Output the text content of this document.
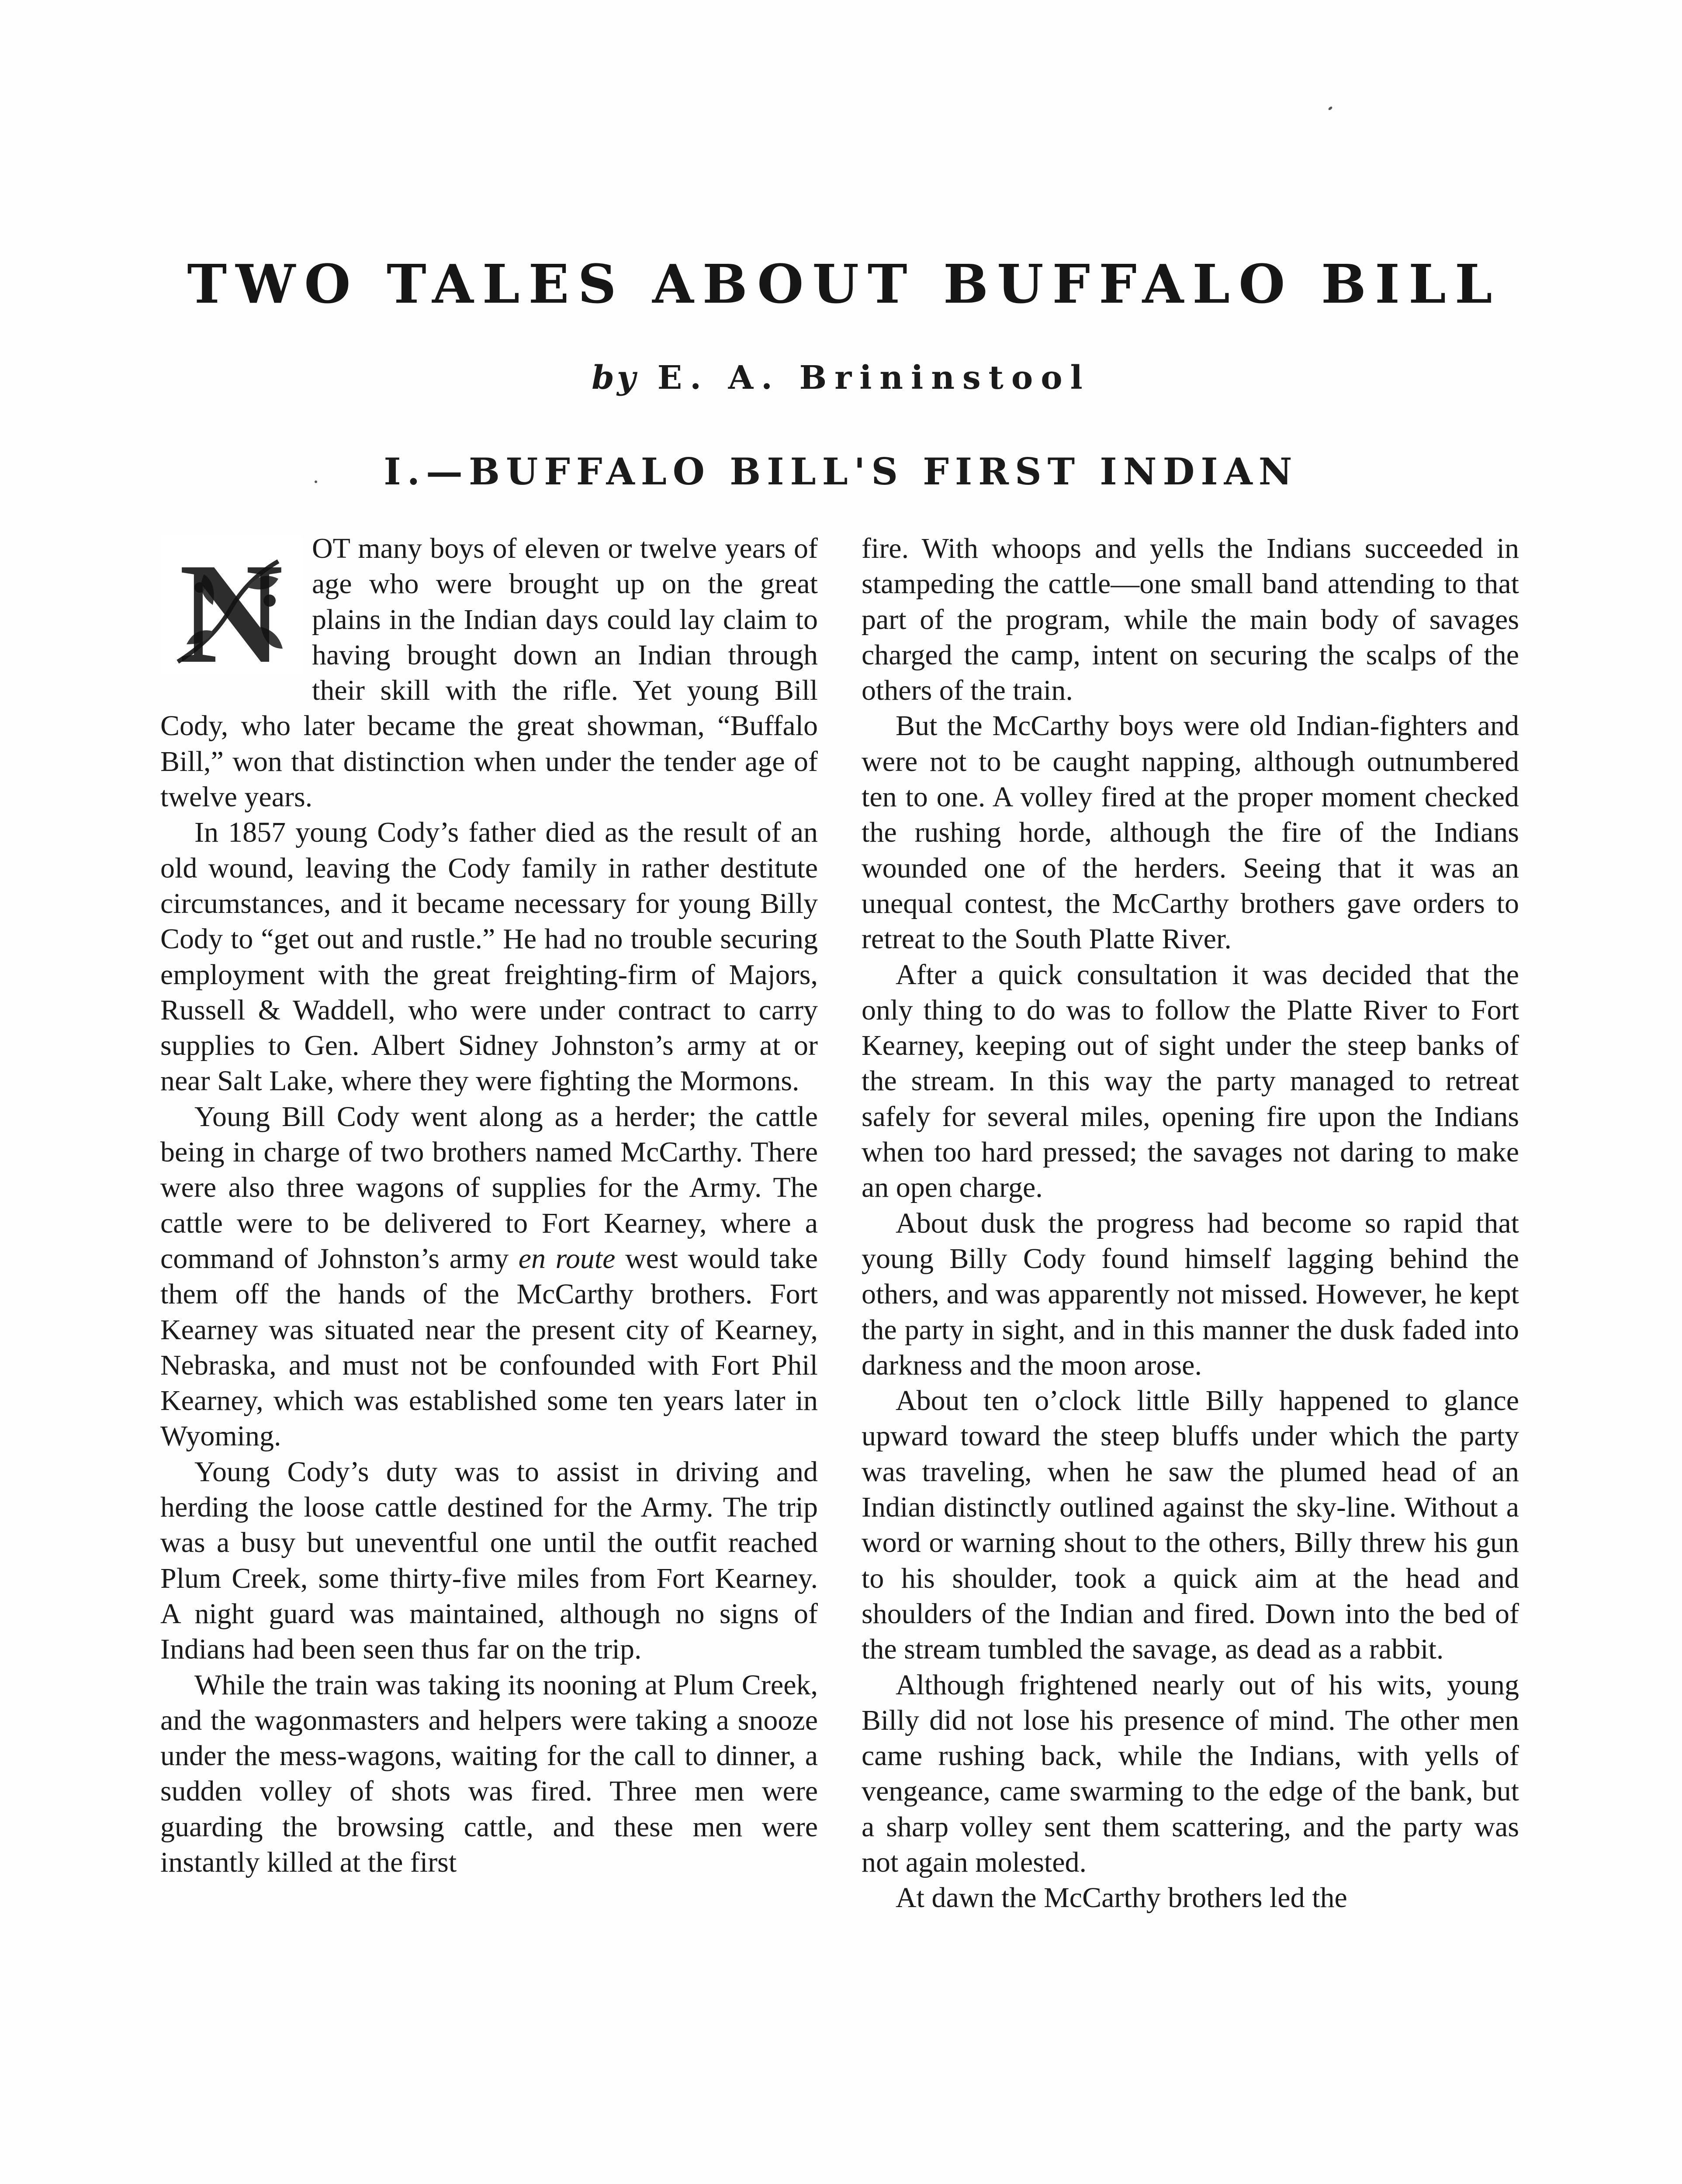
TWO TALES ABOUT BUFFALO BILL
by E. A. Brininstool
I.—BUFFALO BILL'S FIRST INDIAN

N OT many boys of eleven or twelve years of age who were brought up on the great plains in the Indian days could lay claim to having brought down an Indian through their skill with the rifle. Yet young Bill Cody, who later became the great showman, “Buffalo Bill,” won that distinction when under the tender age of twelve years.

In 1857 young Cody’s father died as the result of an old wound, leaving the Cody family in rather destitute circumstances, and it became necessary for young Billy Cody to “get out and rustle.” He had no trouble securing employment with the great freighting-firm of Majors, Russell & Waddell, who were under contract to carry supplies to Gen. Albert Sidney Johnston’s army at or near Salt Lake, where they were fighting the Mormons.

Young Bill Cody went along as a herder; the cattle being in charge of two brothers named McCarthy. There were also three wagons of supplies for the Army. The cattle were to be delivered to Fort Kearney, where a command of Johnston’s army en route west would take them off the hands of the McCarthy brothers. Fort Kearney was situated near the present city of Kearney, Nebraska, and must not be confounded with Fort Phil Kearney, which was established some ten years later in Wyoming.

Young Cody’s duty was to assist in driving and herding the loose cattle destined for the Army. The trip was a busy but uneventful one until the outfit reached Plum Creek, some thirty-five miles from Fort Kearney. A night guard was maintained, although no signs of Indians had been seen thus far on the trip.

While the train was taking its nooning at Plum Creek, and the wagonmasters and helpers were taking a snooze under the mess-wagons, waiting for the call to dinner, a sudden volley of shots was fired. Three men were guarding the browsing cattle, and these men were instantly killed at the first

fire. With whoops and yells the Indians succeeded in stampeding the cattle—one small band attending to that part of the program, while the main body of savages charged the camp, intent on securing the scalps of the others of the train.

But the McCarthy boys were old Indian-fighters and were not to be caught napping, although outnumbered ten to one. A volley fired at the proper moment checked the rushing horde, although the fire of the Indians wounded one of the herders. Seeing that it was an unequal contest, the McCarthy brothers gave orders to retreat to the South Platte River.

After a quick consultation it was decided that the only thing to do was to follow the Platte River to Fort Kearney, keeping out of sight under the steep banks of the stream. In this way the party managed to retreat safely for several miles, opening fire upon the Indians when too hard pressed; the savages not daring to make an open charge.

About dusk the progress had become so rapid that young Billy Cody found himself lagging behind the others, and was apparently not missed. However, he kept the party in sight, and in this manner the dusk faded into darkness and the moon arose.

About ten o’clock little Billy happened to glance upward toward the steep bluffs under which the party was traveling, when he saw the plumed head of an Indian distinctly outlined against the sky-line. Without a word or warning shout to the others, Billy threw his gun to his shoulder, took a quick aim at the head and shoulders of the Indian and fired. Down into the bed of the stream tumbled the savage, as dead as a rabbit.

Although frightened nearly out of his wits, young Billy did not lose his presence of mind. The other men came rushing back, while the Indians, with yells of vengeance, came swarming to the edge of the bank, but a sharp volley sent them scattering, and the party was not again molested.

At dawn the McCarthy brothers led the
